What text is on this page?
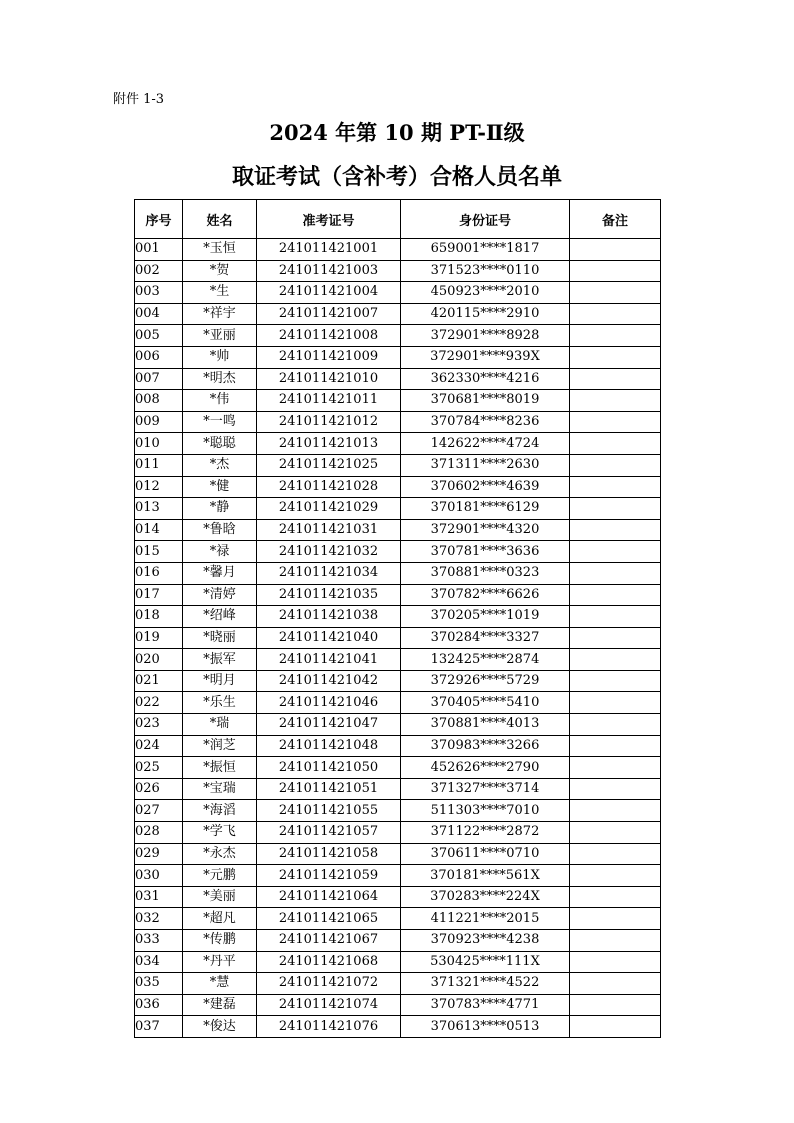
附件 1-3
2024 年第 10 期 PT-Ⅱ级
取证考试（含补考）合格人员名单
序号	姓名	准考证号	身份证号	备注
001	*玉恒	241011421001	659001****1817	
002	*贺	241011421003	371523****0110	
003	*生	241011421004	450923****2010	
004	*祥宇	241011421007	420115****2910	
005	*亚丽	241011421008	372901****8928	
006	*帅	241011421009	372901****939X	
007	*明杰	241011421010	362330****4216	
008	*伟	241011421011	370681****8019	
009	*一鸣	241011421012	370784****8236	
010	*聪聪	241011421013	142622****4724	
011	*杰	241011421025	371311****2630	
012	*健	241011421028	370602****4639	
013	*静	241011421029	370181****6129	
014	*鲁晗	241011421031	372901****4320	
015	*禄	241011421032	370781****3636	
016	*馨月	241011421034	370881****0323	
017	*清婷	241011421035	370782****6626	
018	*绍峰	241011421038	370205****1019	
019	*晓丽	241011421040	370284****3327	
020	*振军	241011421041	132425****2874	
021	*明月	241011421042	372926****5729	
022	*乐生	241011421046	370405****5410	
023	*瑞	241011421047	370881****4013	
024	*润芝	241011421048	370983****3266	
025	*振恒	241011421050	452626****2790	
026	*宝瑞	241011421051	371327****3714	
027	*海滔	241011421055	511303****7010	
028	*学飞	241011421057	371122****2872	
029	*永杰	241011421058	370611****0710	
030	*元鹏	241011421059	370181****561X	
031	*美丽	241011421064	370283****224X	
032	*超凡	241011421065	411221****2015	
033	*传鹏	241011421067	370923****4238	
034	*丹平	241011421068	530425****111X	
035	*慧	241011421072	371321****4522	
036	*建磊	241011421074	370783****4771	
037	*俊达	241011421076	370613****0513	
